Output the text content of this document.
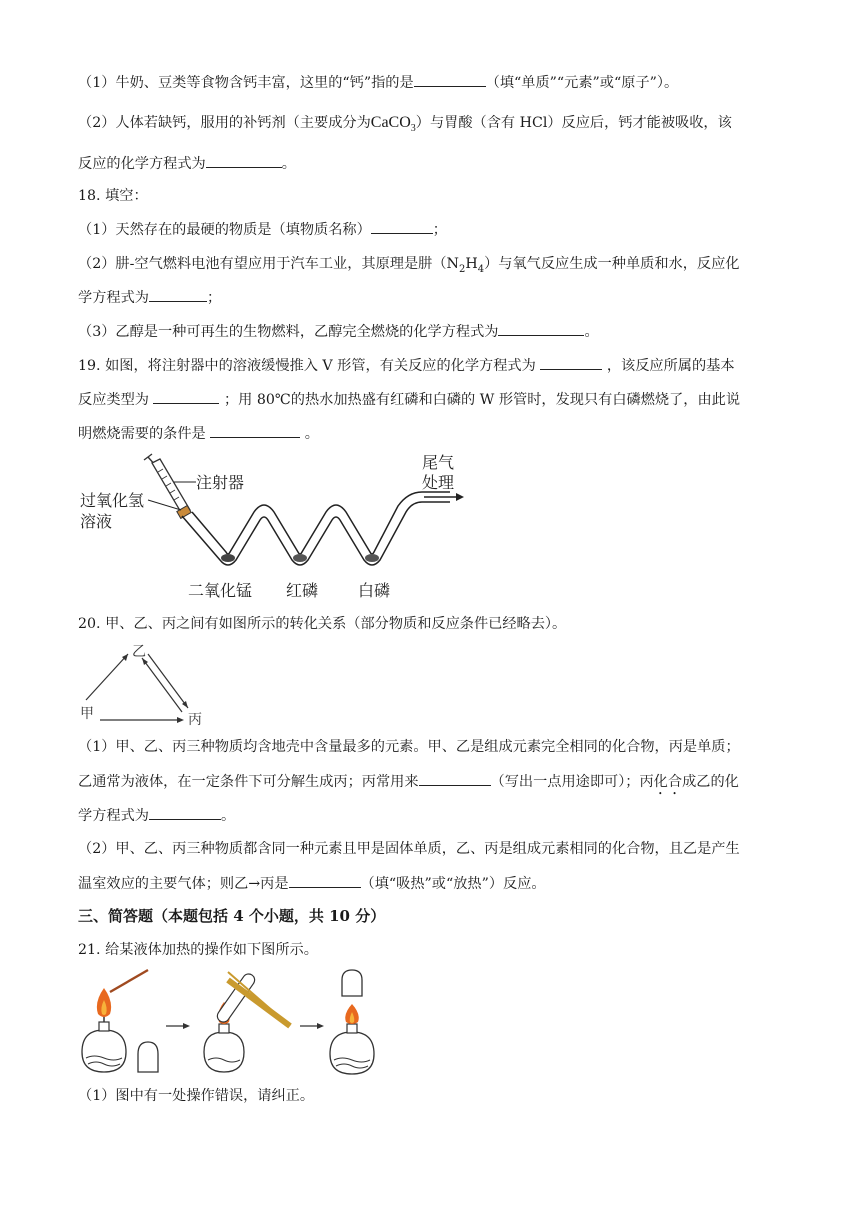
（1）牛奶、豆类等食物含钙丰富，这里的“钙”指的是	（填“单质”“元素”或“原子”）。
（2）人体若缺钙，服用的补钙剂（主要成分为CaCO$_3$）与胃酸（含有 HCl）反应后，钙才能被吸收，该
反应的化学方程式为	。
18. 填空：
（1）天然存在的最硬的物质是（填物质名称）	；
（2）肼-空气燃料电池有望应用于汽车工业，其原理是肼$(N_2H_4)$与氧气反应生成一种单质和水，反应化
学方程式为	；
（3）乙醇是一种可再生的生物燃料，乙醇完全燃烧的化学方程式为	。
19. 如图，将注射器中的溶液缓慢推入 V 形管，有关反应的化学方程式为	，该反应所属的基本
反应类型为	；用 80℃的热水加热盛有红磷和白磷的 W 形管时，发现只有白磷燃烧了，由此说
明燃烧需要的条件是	。
过氧化氢
溶液
注射器
尾气
处理
二氧化锰 红磷 白磷
20. 甲、乙、丙之间有如图所示的转化关系（部分物质和反应条件已经略去）。
乙
甲	丙
（1）甲、乙、丙三种物质均含地壳中含量最多的元素。甲、乙是组成元素完全相同的化合物，丙是单质；
乙通常为液体，在一定条件下可分解生成丙；丙常用来	（写出一点用途即可）；丙化合成乙的化
学方程式为	。
（2）甲、乙、丙三种物质都含同一种元素且甲是固体单质，乙、丙是组成元素相同的化合物，且乙是产生
温室效应的主要气体；则乙→丙是	（填“吸热”或“放热”）反应。
三、简答题（本题包括 4 个小题，共 10 分）
21. 给某液体加热的操作如下图所示。
（1）图中有一处操作错误，请纠正。
